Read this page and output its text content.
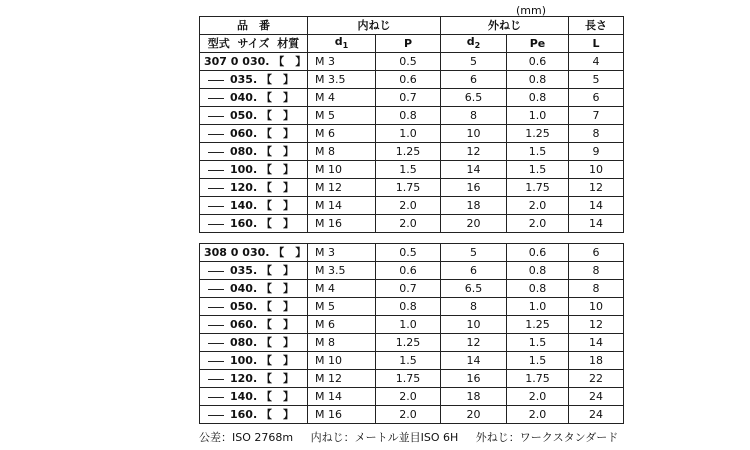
(mm)
品　番	内ねじ		外ねじ		長さ
型式 サイズ 材質	$d_1$	P	$d_2$	Pe	L
307 0 030. 【　】	M 3	0.5	5	0.6	4
035. 【　】	M 3.5	0.6	6	0.8	5
040. 【　】	M 4	0.7	6.5	0.8	6
050. 【　】	M 5	0.8	8	1.0	7
060. 【　】	M 6	1.0	10	1.25	8
080. 【　】	M 8	1.25	12	1.5	9
100. 【　】	M 10	1.5	14	1.5	10
120. 【　】	M 12	1.75	16	1.75	12
140. 【　】	M 14	2.0	18	2.0	14
160. 【　】	M 16	2.0	20	2.0	14
308 0 030. 【　】	M 3	0.5	5	0.6	6
035. 【　】	M 3.5	0.6	6	0.8	8
040. 【　】	M 4	0.7	6.5	0.8	8
050. 【　】	M 5	0.8	8	1.0	10
060. 【　】	M 6	1.0	10	1.25	12
080. 【　】	M 8	1.25	12	1.5	14
100. 【　】	M 10	1.5	14	1.5	18
120. 【　】	M 12	1.75	16	1.75	22
140. 【　】	M 14	2.0	18	2.0	24
160. 【　】	M 16	2.0	20	2.0	24
公差：ISO 2768m 内ねじ：メートル並目ISO 6H 外ねじ：ワークスタンダード
